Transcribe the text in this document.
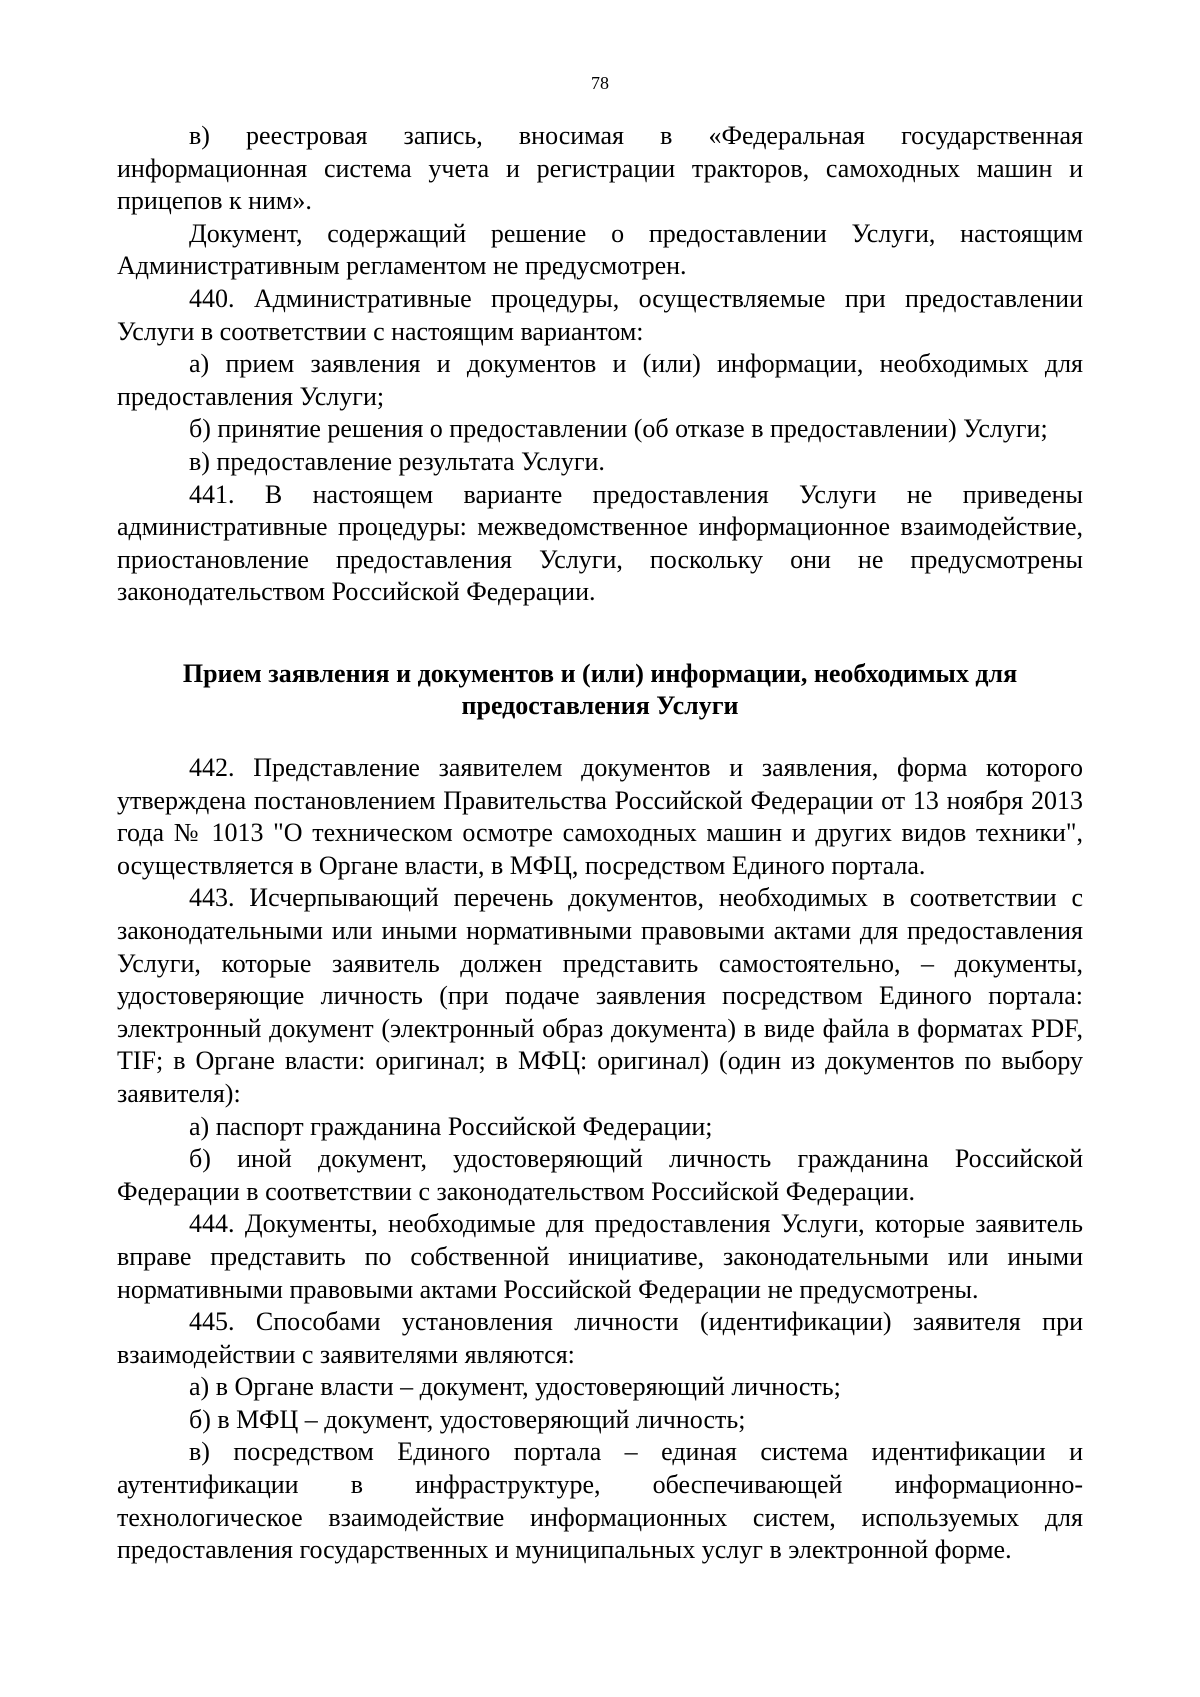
78

в) реестровая запись, вносимая в «Федеральная государственная информационная система учета и регистрации тракторов, самоходных машин и прицепов к ним».

Документ, содержащий решение о предоставлении Услуги, настоящим Административным регламентом не предусмотрен.

440. Административные процедуры, осуществляемые при предоставлении Услуги в соответствии с настоящим вариантом:

а) прием заявления и документов и (или) информации, необходимых для предоставления Услуги;

б) принятие решения о предоставлении (об отказе в предоставлении) Услуги;

в) предоставление результата Услуги.

441. В настоящем варианте предоставления Услуги не приведены административные процедуры: межведомственное информационное взаимодействие, приостановление предоставления Услуги, поскольку они не предусмотрены законодательством Российской Федерации.

Прием заявления и документов и (или) информации, необходимых для
предоставления Услуги

442. Представление заявителем документов и заявления, форма которого утверждена постановлением Правительства Российской Федерации от 13 ноября 2013 года № 1013 "О техническом осмотре самоходных машин и других видов техники", осуществляется в Органе власти, в МФЦ, посредством Единого портала.

443. Исчерпывающий перечень документов, необходимых в соответствии с законодательными или иными нормативными правовыми актами для предоставления Услуги, которые заявитель должен представить самостоятельно, – документы, удостоверяющие личность (при подаче заявления посредством Единого портала: электронный документ (электронный образ документа) в виде файла в форматах PDF, TIF; в Органе власти: оригинал; в МФЦ: оригинал) (один из документов по выбору заявителя):

а) паспорт гражданина Российской Федерации;

б) иной документ, удостоверяющий личность гражданина Российской Федерации в соответствии с законодательством Российской Федерации.

444. Документы, необходимые для предоставления Услуги, которые заявитель вправе представить по собственной инициативе, законодательными или иными нормативными правовыми актами Российской Федерации не предусмотрены.

445. Способами установления личности (идентификации) заявителя при взаимодействии с заявителями являются:

а) в Органе власти – документ, удостоверяющий личность;

б) в МФЦ – документ, удостоверяющий личность;

в) посредством Единого портала – единая система идентификации и аутентификации в инфраструктуре, обеспечивающей информационно-технологическое взаимодействие информационных систем, используемых для предоставления государственных и муниципальных услуг в электронной форме.
